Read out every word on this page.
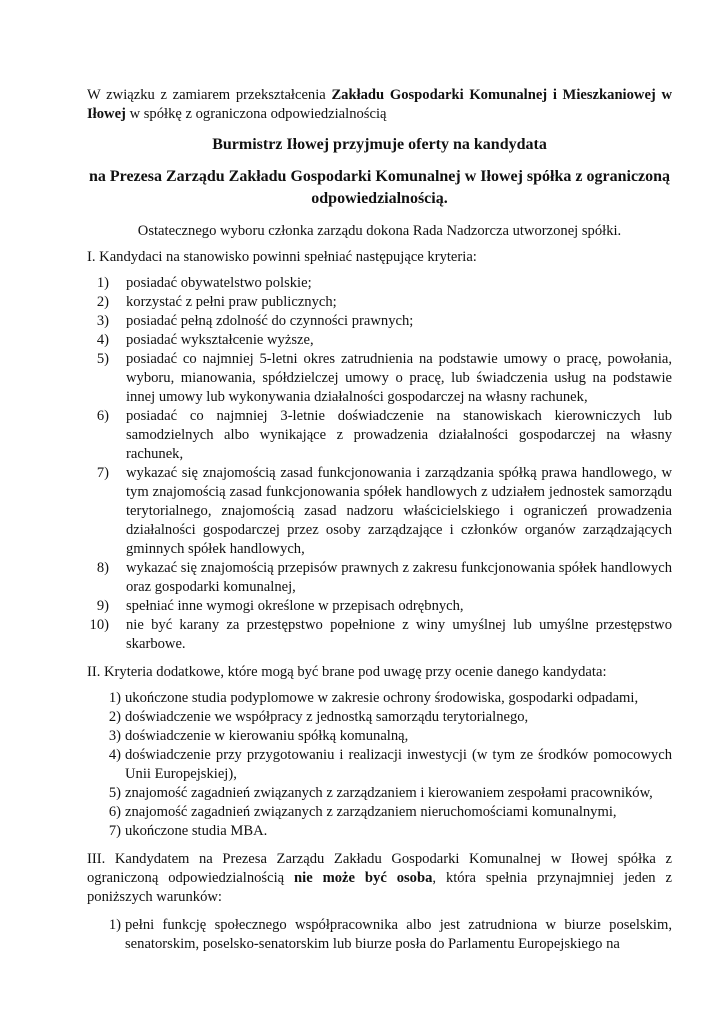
W związku z zamiarem przekształcenia Zakładu Gospodarki Komunalnej i Mieszkaniowej w Iłowej w spółkę z ograniczona odpowiedzialnością

Burmistrz Iłowej przyjmuje oferty na kandydata

na Prezesa Zarządu Zakładu Gospodarki Komunalnej w Iłowej spółka z ograniczoną odpowiedzialnością.

Ostatecznego wyboru członka zarządu dokona Rada Nadzorcza utworzonej spółki.

I. Kandydaci na stanowisko powinni spełniać następujące kryteria:

1) posiadać obywatelstwo polskie;
2) korzystać z pełni praw publicznych;
3) posiadać pełną zdolność do czynności prawnych;
4) posiadać wykształcenie wyższe,
5) posiadać co najmniej 5-letni okres zatrudnienia na podstawie umowy o pracę, powołania, wyboru, mianowania, spółdzielczej umowy o pracę, lub świadczenia usług na podstawie innej umowy lub wykonywania działalności gospodarczej na własny rachunek,
6) posiadać co najmniej 3-letnie doświadczenie na stanowiskach kierowniczych lub samodzielnych albo wynikające z prowadzenia działalności gospodarczej na własny rachunek,
7) wykazać się znajomością zasad funkcjonowania i zarządzania spółką prawa handlowego, w tym znajomością zasad funkcjonowania spółek handlowych z udziałem jednostek samorządu terytorialnego, znajomością zasad nadzoru właścicielskiego i ograniczeń prowadzenia działalności gospodarczej przez osoby zarządzające i członków organów zarządzających gminnych spółek handlowych,
8) wykazać się znajomością przepisów prawnych z zakresu funkcjonowania spółek handlowych oraz gospodarki komunalnej,
9) spełniać inne wymogi określone w przepisach odrębnych,
10) nie być karany za przestępstwo popełnione z winy umyślnej lub umyślne przestępstwo skarbowe.

II. Kryteria dodatkowe, które mogą być brane pod uwagę przy ocenie danego kandydata:

1) ukończone studia podyplomowe w zakresie ochrony środowiska, gospodarki odpadami,
2) doświadczenie we współpracy z jednostką samorządu terytorialnego,
3) doświadczenie w kierowaniu spółką komunalną,
4) doświadczenie przy przygotowaniu i realizacji inwestycji (w tym ze środków pomocowych Unii Europejskiej),
5) znajomość zagadnień związanych z zarządzaniem i kierowaniem zespołami pracowników,
6) znajomość zagadnień związanych z zarządzaniem nieruchomościami komunalnymi,
7) ukończone studia MBA.

III. Kandydatem na Prezesa Zarządu Zakładu Gospodarki Komunalnej w Iłowej spółka z ograniczoną odpowiedzialnością nie może być osoba, która spełnia przynajmniej jeden z poniższych warunków:

1) pełni funkcję społecznego współpracownika albo jest zatrudniona w biurze poselskim, senatorskim, poselsko-senatorskim lub biurze posła do Parlamentu Europejskiego na
